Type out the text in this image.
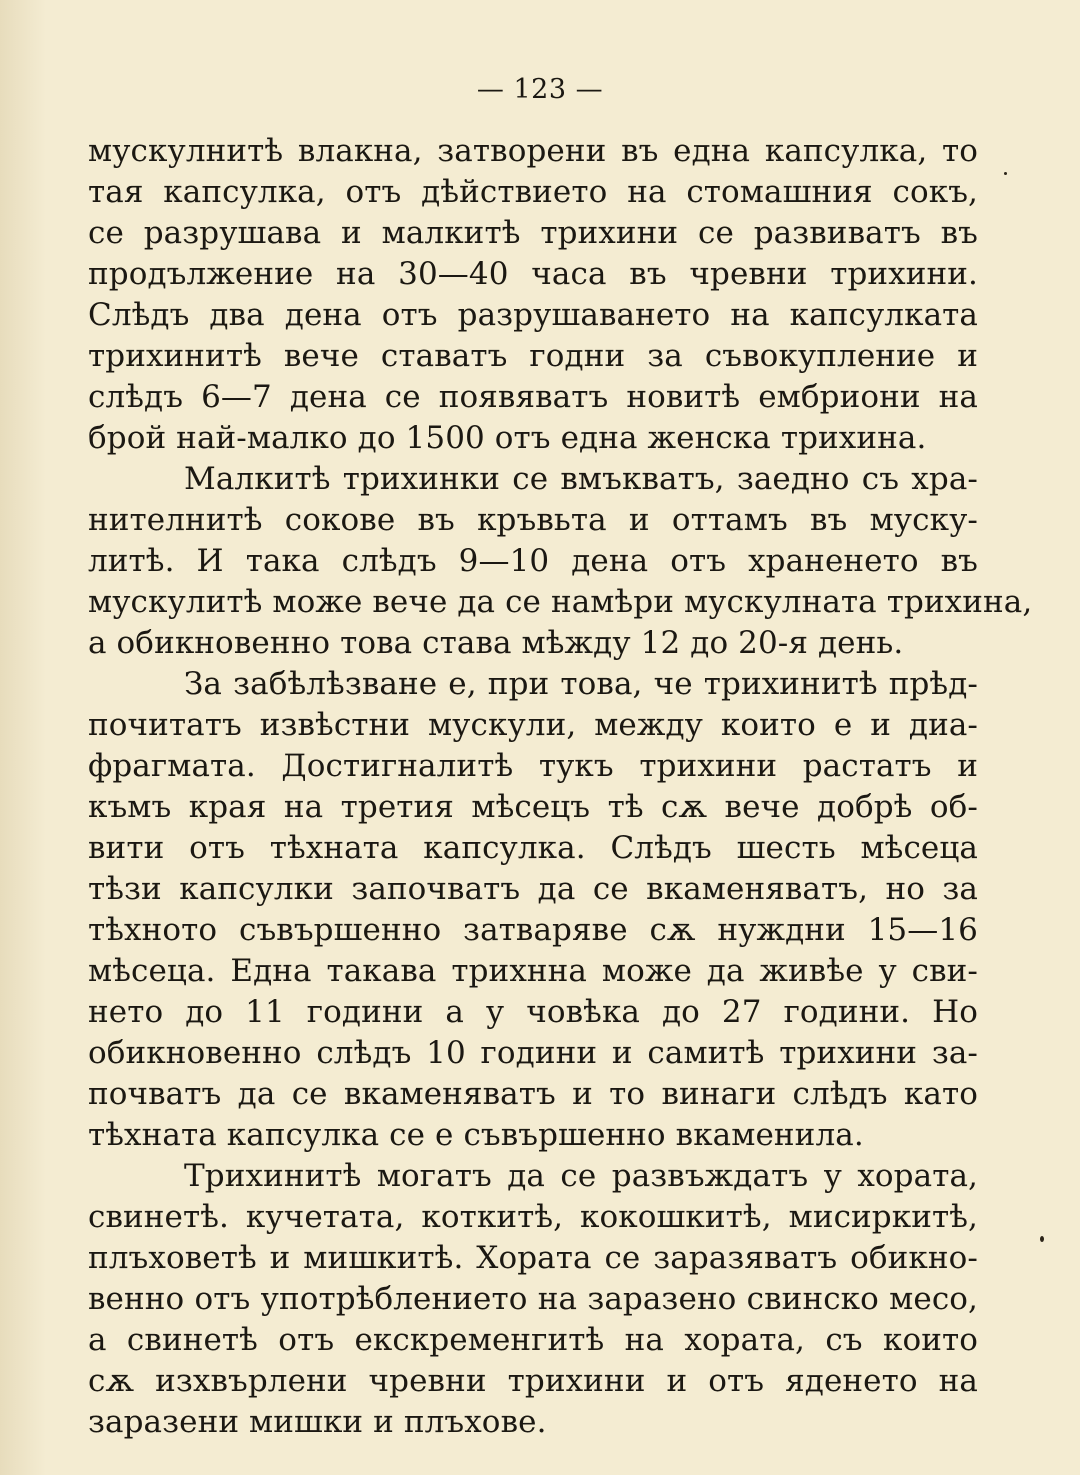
— 123 —
мускулнитѣ влакна, затворени въ една капсулка, то
тая капсулка, отъ дѣйствието на стомашния сокъ,
се разрушава и малкитѣ трихини се развиватъ въ
продължение на 30—40 часа въ чревни трихини.
Слѣдъ два дена отъ разрушаването на капсулката
трихинитѣ вече ставатъ годни за съвокупление и
слѣдъ 6—7 дена се появяватъ новитѣ ембриони на
брой най-малко до 1500 отъ една женска трихина.
Малкитѣ трихинки се вмъкватъ, заедно съ хра-
нителнитѣ сокове въ кръвьта и оттамъ въ муску-
литѣ. И така слѣдъ 9—10 дена отъ храненето въ
мускулитѣ може вече да се намѣри мускулната трихина,
а обикновенно това става мѣжду 12 до 20-я день.
За забѣлѣзване е, при това, че трихинитѣ прѣд-
почитатъ извѣстни мускули, между които е и диа-
фрагмата. Достигналитѣ тукъ трихини растатъ и
къмъ края на третия мѣсецъ тѣ сѫ вече добрѣ об-
вити отъ тѣхната капсулка. Слѣдъ шесть мѣсеца
тѣзи капсулки започватъ да се вкаменяватъ, но за
тѣхното съвършенно затваряве сѫ нуждни 15—16
мѣсеца. Една такава трихнна може да живѣе у сви-
нето до 11 години а у човѣка до 27 години. Но
обикновенно слѣдъ 10 години и самитѣ трихини за-
почватъ да се вкаменяватъ и то винаги слѣдъ като
тѣхната капсулка се е съвършенно вкаменила.
Трихинитѣ могатъ да се развъждатъ у хората,
свинетѣ. кучетата, коткитѣ, кокошкитѣ, мисиркитѣ,
плъховетѣ и мишкитѣ. Хората се заразяватъ обикно-
венно отъ употрѣблението на заразено свинско месо,
а свинетѣ отъ екскременгитѣ на хората, съ които
сѫ изхвърлени чревни трихини и отъ яденето на
заразени мишки и плъхове.
